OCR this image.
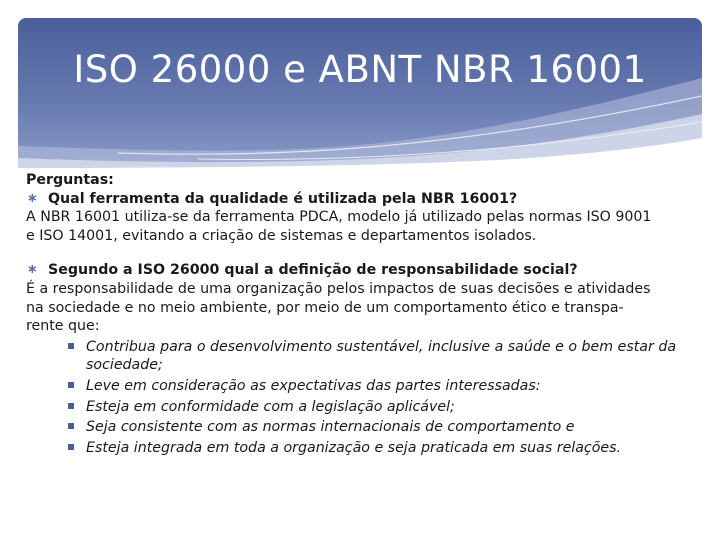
ISO 26000 e ABNT NBR 16001
Perguntas:
∗ Qual ferramenta da qualidade é utilizada pela NBR 16001?
A NBR 16001 utiliza-se da ferramenta PDCA, modelo já utilizado pelas normas ISO 9001
e ISO 14001, evitando a criação de sistemas e departamentos isolados.
∗ Segundo a ISO 26000 qual a definição de responsabilidade social?
É a responsabilidade de uma organização pelos impactos de suas decisões e atividades
na sociedade e no meio ambiente, por meio de um comportamento ético e transpa-
rente que:
Contribua para o desenvolvimento sustentável, inclusive a saúde e o bem estar da sociedade;
Leve em consideração as expectativas das partes interessadas:
Esteja em conformidade com a legislação aplicável;
Seja consistente com as normas internacionais de comportamento e
Esteja integrada em toda a organização e seja praticada em suas relações.
